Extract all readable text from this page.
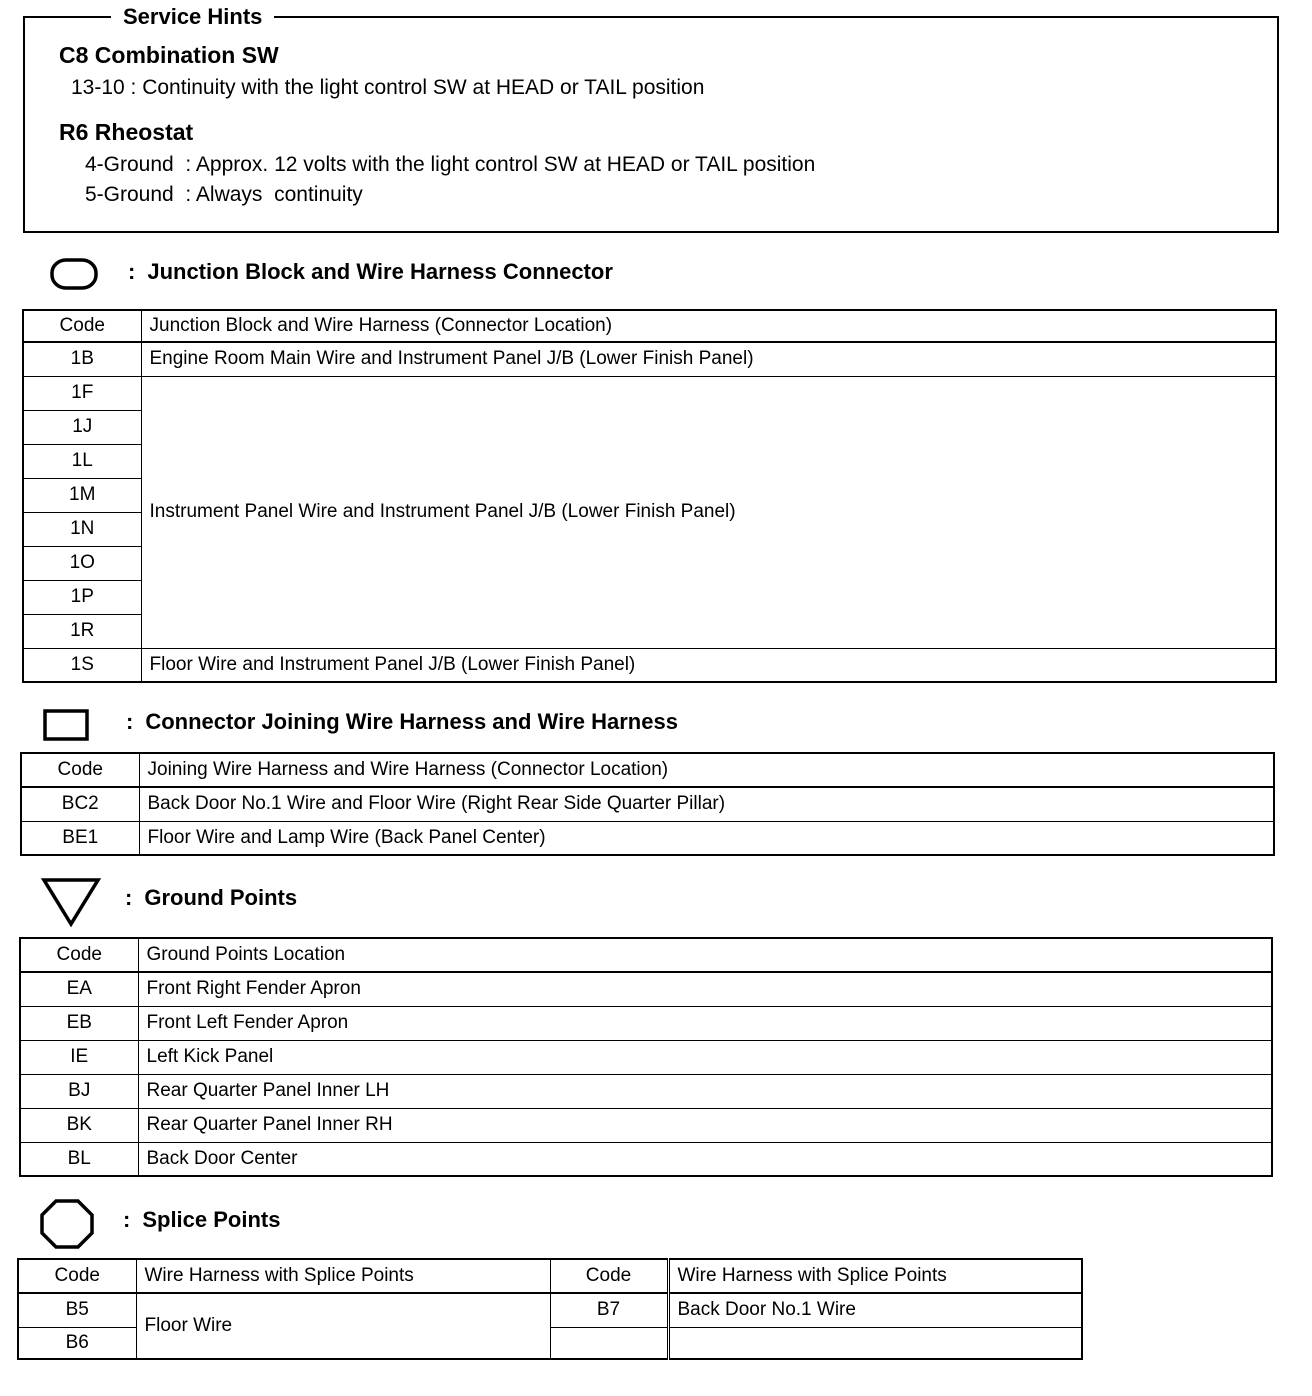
Service Hints
C8 Combination SW
13-10 : Continuity with the light control SW at HEAD or TAIL position
R6 Rheostat
4-Ground  : Approx. 12 volts with the light control SW at HEAD or TAIL position
5-Ground  : Always  continuity
: Junction Block and Wire Harness Connector
Code	Junction Block and Wire Harness (Connector Location)
1B	Engine Room Main Wire and Instrument Panel J/B (Lower Finish Panel)
1F	Instrument Panel Wire and Instrument Panel J/B (Lower Finish Panel)
1J	
1L	
1M	
1N	
1O	
1P	
1R	
1S	Floor Wire and Instrument Panel J/B (Lower Finish Panel)
: Connector Joining Wire Harness and Wire Harness
Code	Joining Wire Harness and Wire Harness (Connector Location)
BC2	Back Door No.1 Wire and Floor Wire (Right Rear Side Quarter Pillar)
BE1	Floor Wire and Lamp Wire (Back Panel Center)
: Ground Points
Code	Ground Points Location
EA	Front Right Fender Apron
EB	Front Left Fender Apron
IE	Left Kick Panel
BJ	Rear Quarter Panel Inner LH
BK	Rear Quarter Panel Inner RH
BL	Back Door Center
: Splice Points
Code	Wire Harness with Splice Points	Code	Wire Harness with Splice Points
B5	Floor Wire	B7	Back Door No.1 Wire
B6			
